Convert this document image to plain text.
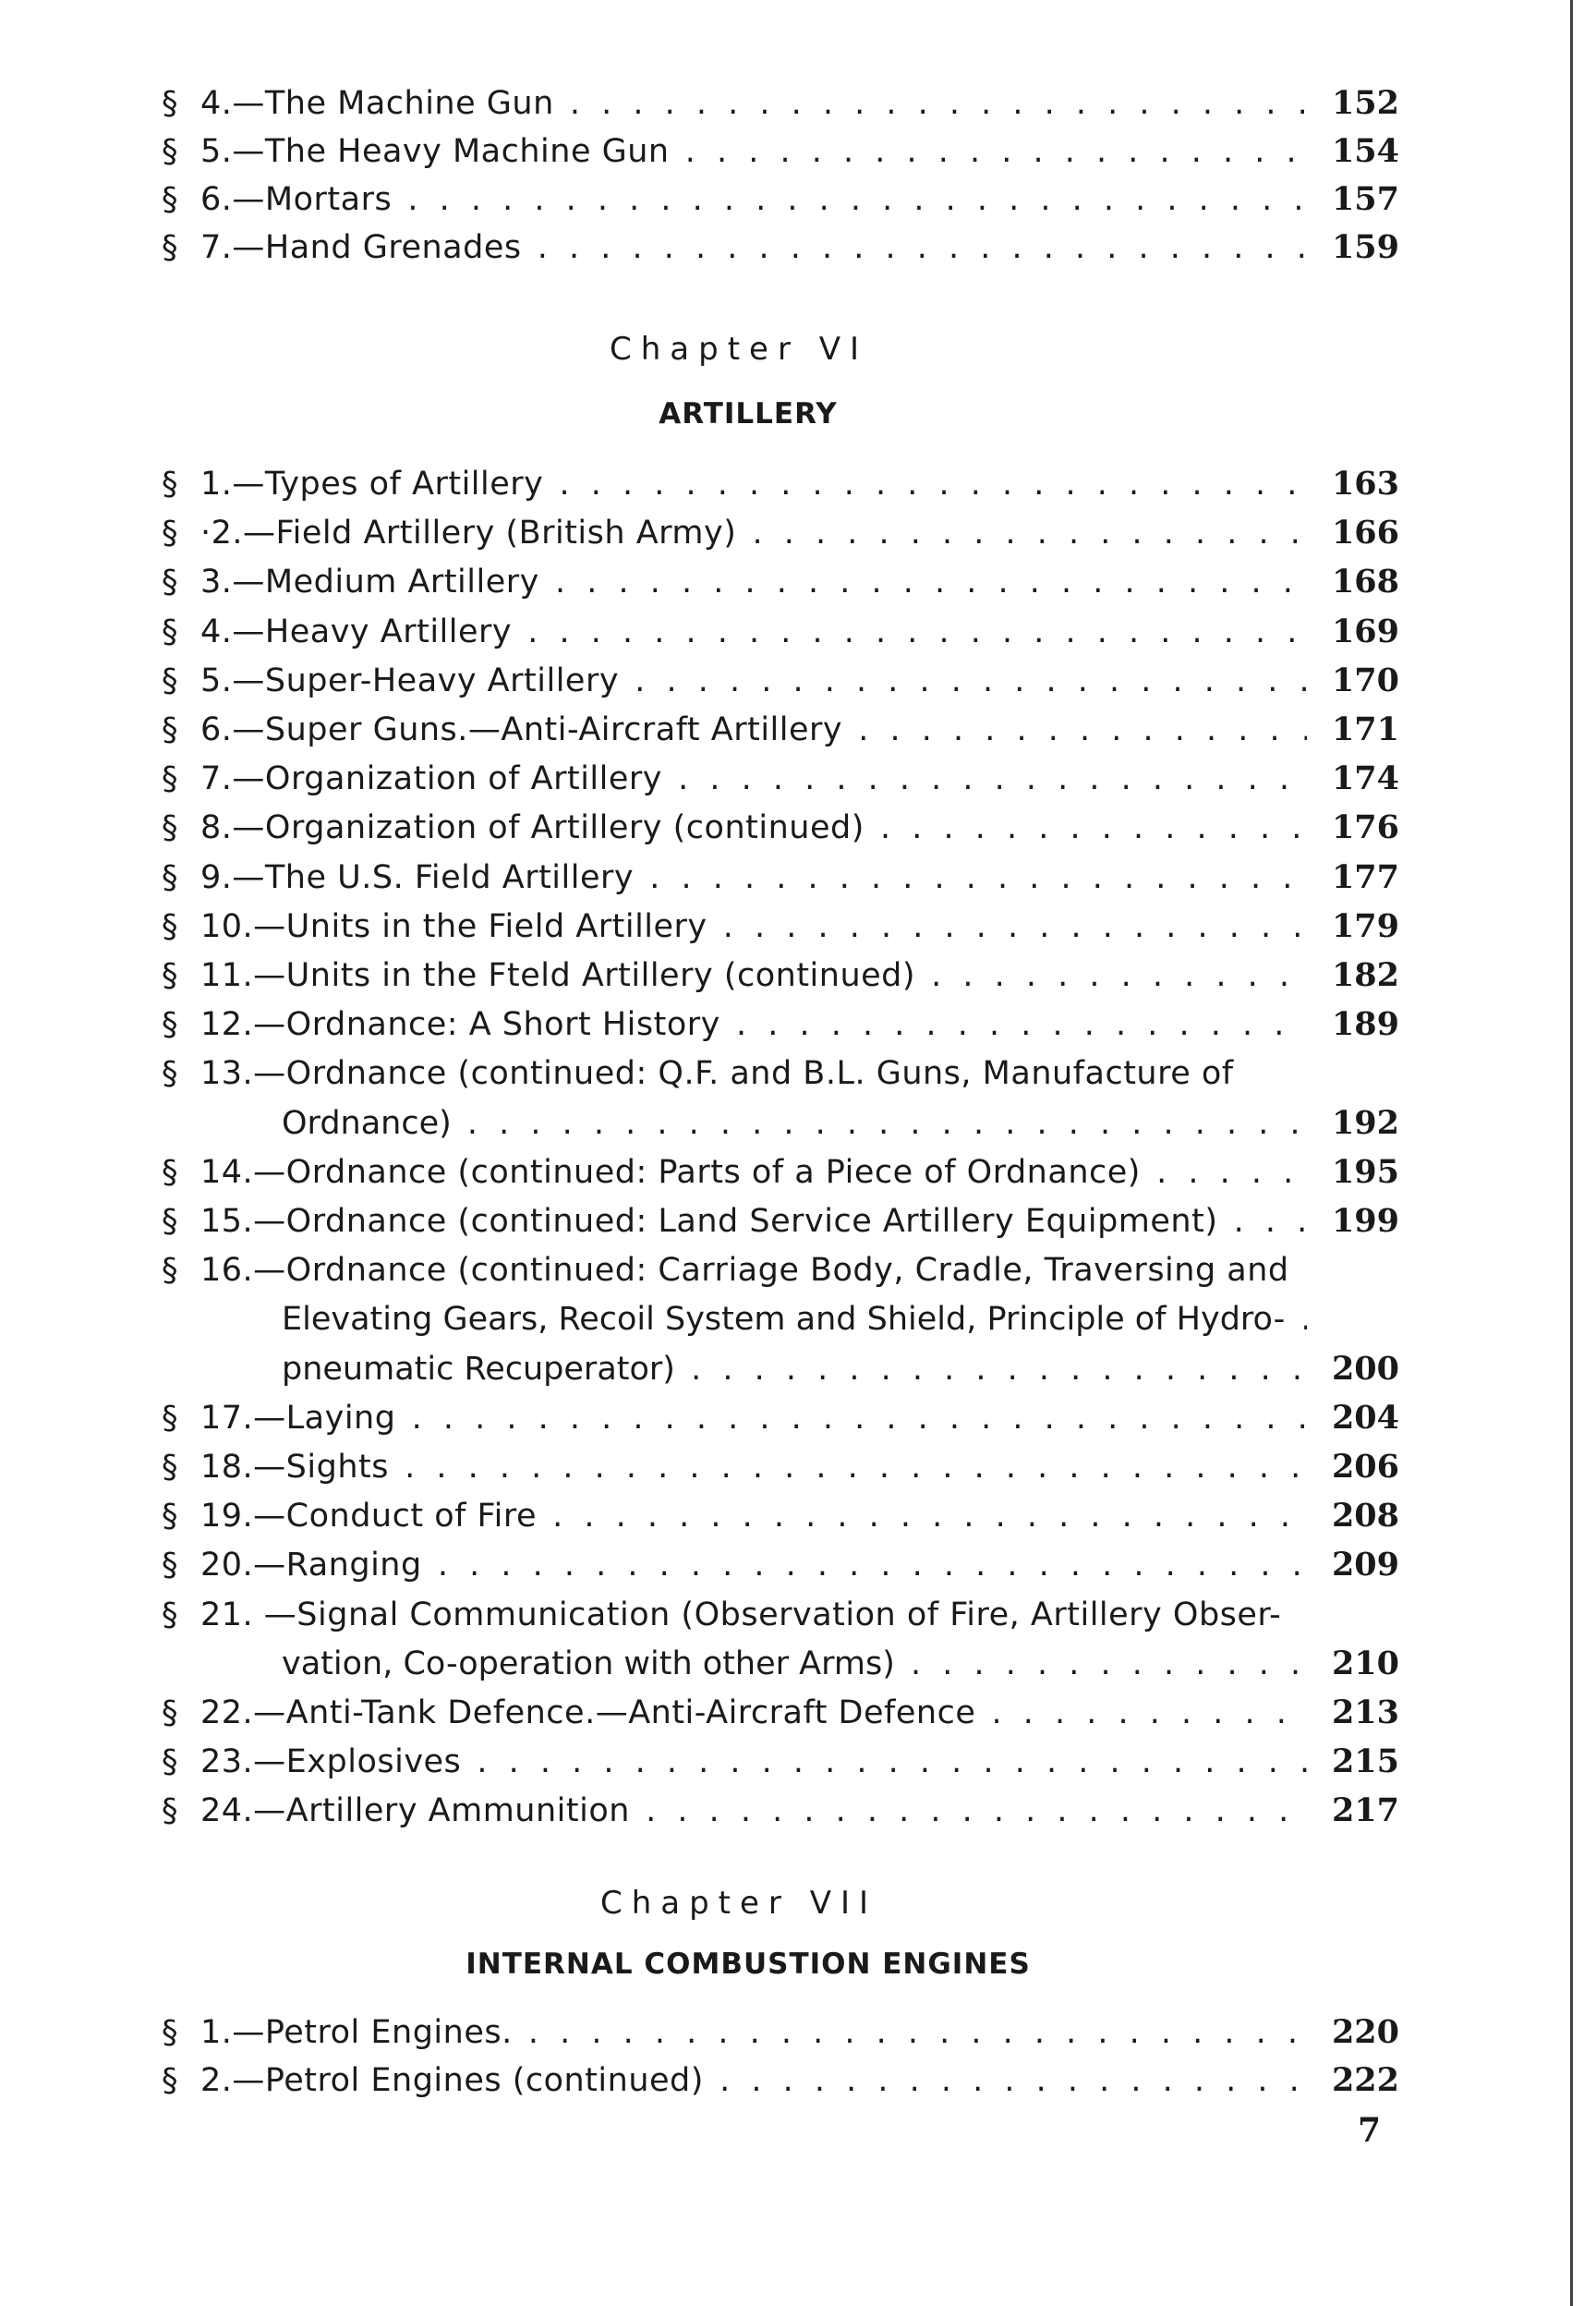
§ 4.—The Machine Gun . . .	152
§ 5.—The Heavy Machine Gun . . .	154
§ 6.—Mortars . . .	157
§ 7.—Hand Grenades . . .	159
Chapter VI
ARTILLERY
§ 1.—Types of Artillery . . .	163
§ ·2.—Field Artillery (British Army) . . .	166
§ 3.—Medium Artillery . . .	168
§ 4.—Heavy Artillery . . .	169
§ 5.—Super-Heavy Artillery . . .	170
§ 6.—Super Guns.—Anti-Aircraft Artillery . . .	171
§ 7.—Organization of Artillery . . .	174
§ 8.—Organization of Artillery (continued) . . .	176
§ 9.—The U.S. Field Artillery . . .	177
§ 10.—Units in the Field Artillery . . .	179
§ 11.—Units in the Fteld Artillery (continued) . . .	182
§ 12.—Ordnance: A Short History . . .	189
§ 13.—Ordnance (continued: Q.F. and B.L. Guns, Manufacture of
Ordnance) . . .	192
§ 14.—Ordnance (continued: Parts of a Piece of Ordnance) . . .	195
§ 15.—Ordnance (continued: Land Service Artillery Equipment) . . .	199
§ 16.—Ordnance (continued: Carriage Body, Cradle, Traversing and
Elevating Gears, Recoil System and Shield, Principle of Hydro- . . .
pneumatic Recuperator) . . .	200
§ 17.—Laying . . .	204
§ 18.—Sights . . .	206
§ 19.—Conduct of Fire . . .	208
§ 20.—Ranging . . .	209
§ 21. —Signal Communication (Observation of Fire, Artillery Obser-
vation, Co-operation with other Arms) . . .	210
§ 22.—Anti-Tank Defence.—Anti-Aircraft Defence . . .	213
§ 23.—Explosives . . .	215
§ 24.—Artillery Ammunition . . .	217
Chapter VII
INTERNAL COMBUSTION ENGINES
§ 1.—Petrol Engines. . . .	220
§ 2.—Petrol Engines (continued) . . .	222
7
